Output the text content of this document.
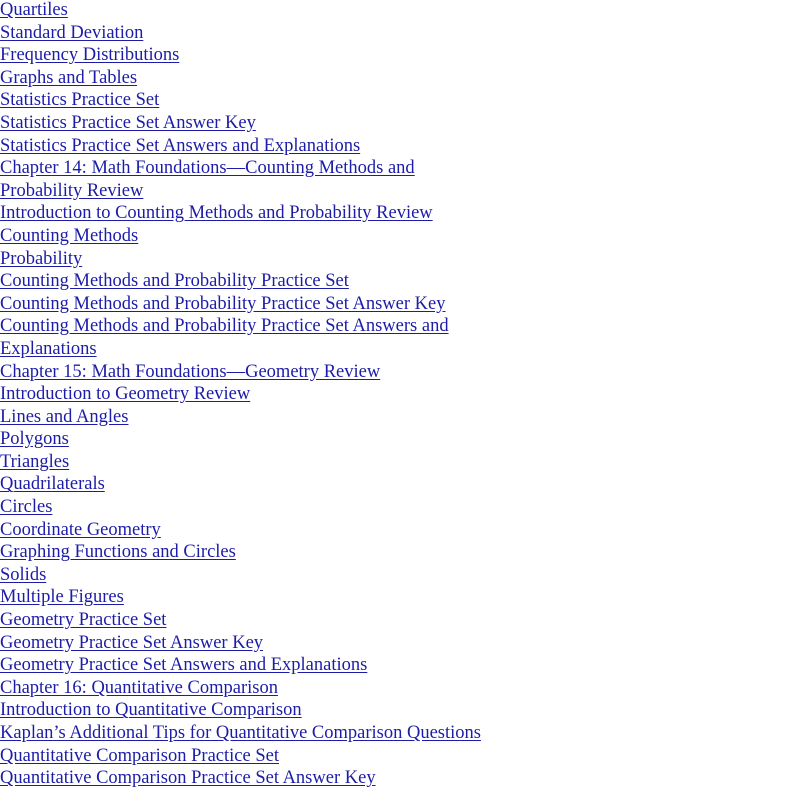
Quartiles
Standard Deviation
Frequency Distributions
Graphs and Tables
Statistics Practice Set
Statistics Practice Set Answer Key
Statistics Practice Set Answers and Explanations
Chapter 14: Math Foundations—Counting Methods and Probability Review
Introduction to Counting Methods and Probability Review
Counting Methods
Probability
Counting Methods and Probability Practice Set
Counting Methods and Probability Practice Set Answer Key
Counting Methods and Probability Practice Set Answers and Explanations
Chapter 15: Math Foundations—Geometry Review
Introduction to Geometry Review
Lines and Angles
Polygons
Triangles
Quadrilaterals
Circles
Coordinate Geometry
Graphing Functions and Circles
Solids
Multiple Figures
Geometry Practice Set
Geometry Practice Set Answer Key
Geometry Practice Set Answers and Explanations
Chapter 16: Quantitative Comparison
Introduction to Quantitative Comparison
Kaplan’s Additional Tips for Quantitative Comparison Questions
Quantitative Comparison Practice Set
Quantitative Comparison Practice Set Answer Key
